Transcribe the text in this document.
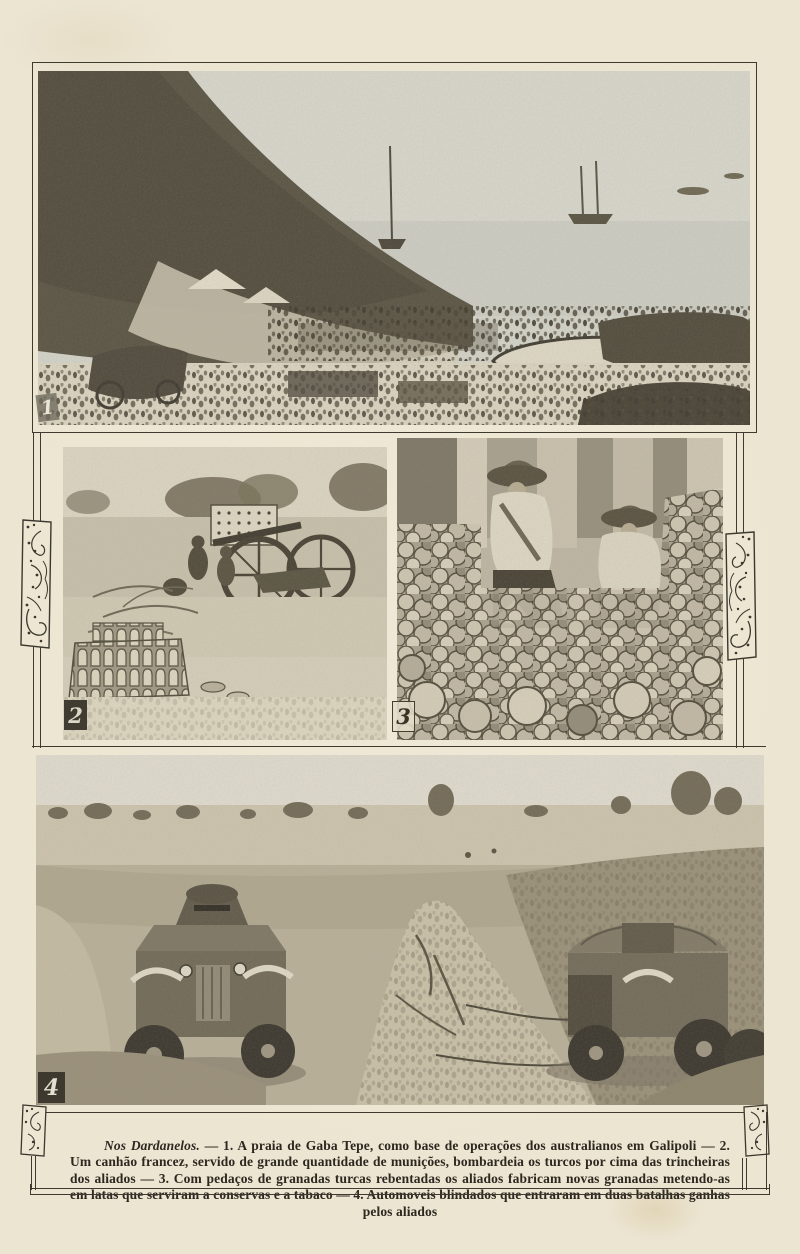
1
2	3
4

Nos Dardanelos. — 1. A praia de Gaba Tepe, como base de operações dos australianos em Galipoli — 2. Um canhão francez, servido de grande quantidade de munições, bombardeia os turcos por cima das trincheiras dos aliados — 3. Com pedaços de granadas turcas rebentadas os aliados fabricam novas granadas metendo-as em latas que serviram a conservas e a tabaco — 4. Automoveis blindados que entraram em duas batalhas ganhas pelos aliados
